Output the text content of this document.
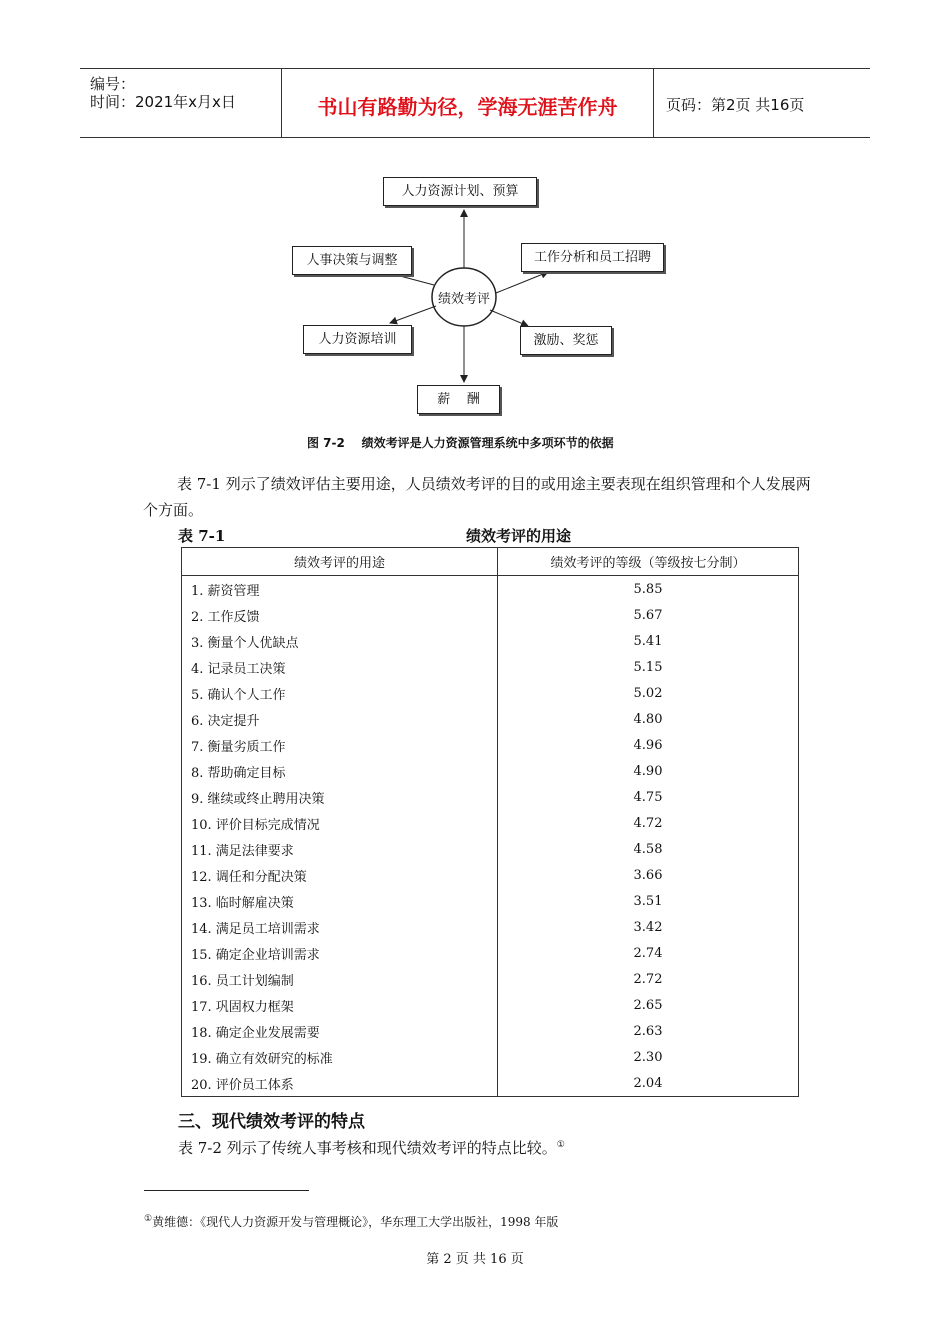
编号：
时间：2021年x月x日	书山有路勤为径，学海无涯苦作舟	页码：第2页 共16页
绩效考评
人力资源计划、预算
人事决策与调整	工作分析和员工招聘
人力资源培训	激励、奖惩
薪    酬
图 7-2    绩效考评是人力资源管理系统中多项环节的依据
表 7-1 列示了绩效评估主要用途，人员绩效考评的目的或用途主要表现在组织管理和个人发展两个方面。
表 7-1	绩效考评的用途
绩效考评的用途	绩效考评的等级（等级按七分制）
1. 薪资管理	5.85
2. 工作反馈	5.67
3. 衡量个人优缺点	5.41
4. 记录员工决策	5.15
5. 确认个人工作	5.02
6. 决定提升	4.80
7. 衡量劣质工作	4.96
8. 帮助确定目标	4.90
9. 继续或终止聘用决策	4.75
10. 评价目标完成情况	4.72
11. 满足法律要求	4.58
12. 调任和分配决策	3.66
13. 临时解雇决策	3.51
14. 满足员工培训需求	3.42
15. 确定企业培训需求	2.74
16. 员工计划编制	2.72
17. 巩固权力框架	2.65
18. 确定企业发展需要	2.63
19. 确立有效研究的标准	2.30
20. 评价员工体系	2.04
三、现代绩效考评的特点
表 7-2 列示了传统人事考核和现代绩效考评的特点比较。①
①黄维德：《现代人力资源开发与管理概论》，华东理工大学出版社，1998 年版
第 2 页 共 16 页
